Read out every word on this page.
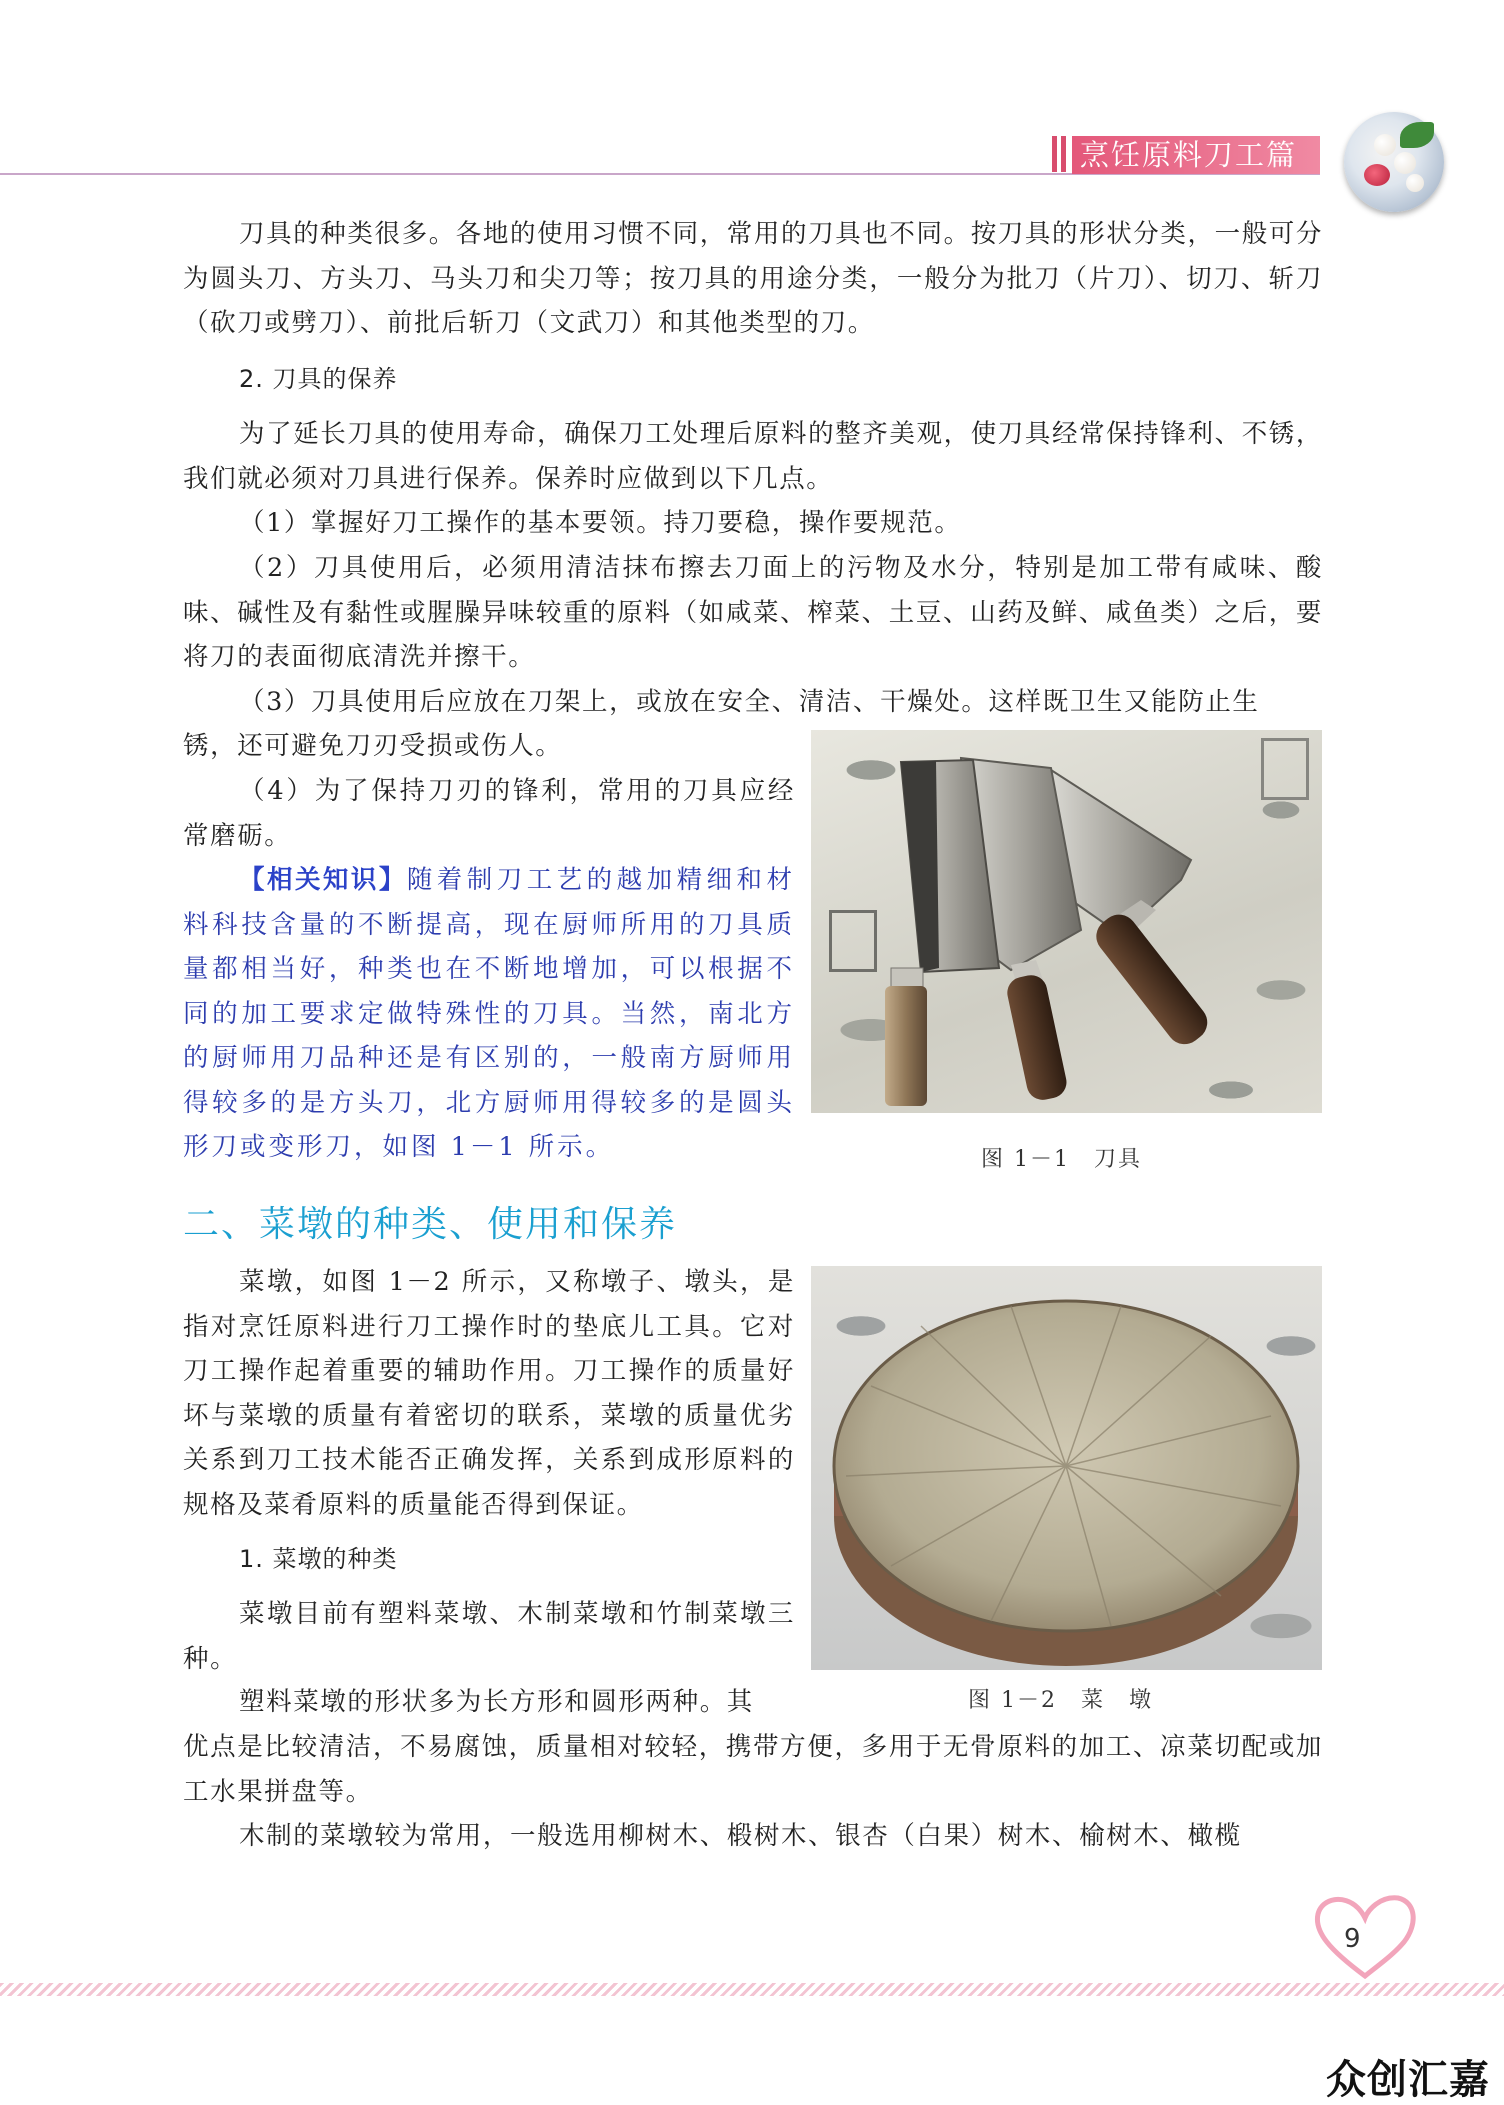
烹饪原料刀工篇

刀具的种类很多。各地的使用习惯不同，常用的刀具也不同。按刀具的形状分类，一般可分为圆头刀、方头刀、马头刀和尖刀等；按刀具的用途分类，一般分为批刀（片刀）、切刀、斩刀（砍刀或劈刀）、前批后斩刀（文武刀）和其他类型的刀。

2. 刀具的保养

为了延长刀具的使用寿命，确保刀工处理后原料的整齐美观，使刀具经常保持锋利、不锈，我们就必须对刀具进行保养。保养时应做到以下几点。

（1）掌握好刀工操作的基本要领。持刀要稳，操作要规范。

（2）刀具使用后，必须用清洁抹布擦去刀面上的污物及水分，特别是加工带有咸味、酸味、碱性及有黏性或腥臊异味较重的原料（如咸菜、榨菜、土豆、山药及鲜、咸鱼类）之后，要将刀的表面彻底清洗并擦干。

（3）刀具使用后应放在刀架上，或放在安全、清洁、干燥处。这样既卫生又能防止生

锈，还可避免刀刃受损或伤人。

（4）为了保持刀刃的锋利，常用的刀具应经常磨砺。

【相关知识】随着制刀工艺的越加精细和材料科技含量的不断提高，现在厨师所用的刀具质量都相当好，种类也在不断地增加，可以根据不同的加工要求定做特殊性的刀具。当然，南北方的厨师用刀品种还是有区别的，一般南方厨师用得较多的是方头刀，北方厨师用得较多的是圆头形刀或变形刀，如图 1－1 所示。	图 1－1　刀具
二、菜墩的种类、使用和保养

菜墩，如图 1－2 所示，又称墩子、墩头，是指对烹饪原料进行刀工操作时的垫底儿工具。它对刀工操作起着重要的辅助作用。刀工操作的质量好坏与菜墩的质量有着密切的联系，菜墩的质量优劣关系到刀工技术能否正确发挥，关系到成形原料的规格及菜肴原料的质量能否得到保证。

1. 菜墩的种类

菜墩目前有塑料菜墩、木制菜墩和竹制菜墩三种。

塑料菜墩的形状多为长方形和圆形两种。其

优点是比较清洁，不易腐蚀，质量相对较轻，携带方便，多用于无骨原料的加工、凉菜切配或加工水果拼盘等。

木制的菜墩较为常用，一般选用柳树木、椴树木、银杏（白果）树木、榆树木、橄榄

图 1－2　菜　墩
9
众创汇嘉
